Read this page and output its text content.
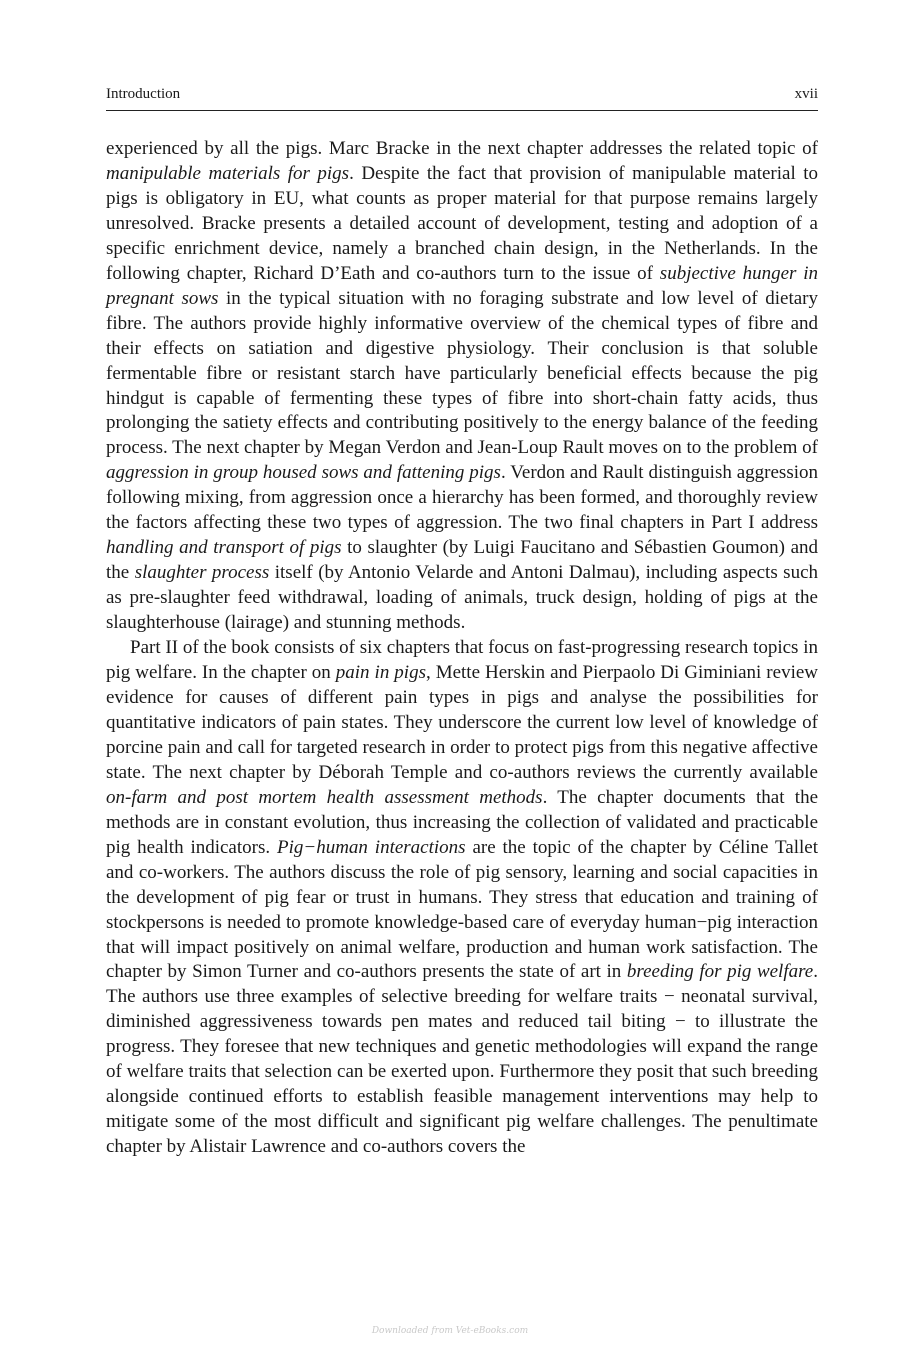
Introduction	xvii

experienced by all the pigs. Marc Bracke in the next chapter addresses the related topic of manipulable materials for pigs. Despite the fact that provision of manipulable material to pigs is obligatory in EU, what counts as proper material for that purpose remains largely unresolved. Bracke presents a detailed account of development, testing and adoption of a specific enrichment device, namely a branched chain design, in the Netherlands. In the following chapter, Richard D’Eath and co-authors turn to the issue of subjective hunger in pregnant sows in the typical situation with no foraging substrate and low level of dietary fibre. The authors provide highly informative overview of the chemical types of fibre and their effects on satiation and digestive physiology. Their conclusion is that soluble fermentable fibre or resistant starch have particularly beneficial effects because the pig hindgut is capable of fermenting these types of fibre into short-chain fatty acids, thus prolonging the satiety effects and contributing positively to the energy balance of the feeding process. The next chapter by Megan Verdon and Jean-Loup Rault moves on to the problem of aggression in group housed sows and fattening pigs. Verdon and Rault distinguish aggression following mixing, from aggression once a hierarchy has been formed, and thoroughly review the factors affecting these two types of aggression. The two final chapters in Part I address handling and transport of pigs to slaughter (by Luigi Faucitano and Sébastien Goumon) and the slaughter process itself (by Antonio Velarde and Antoni Dalmau), including aspects such as pre-slaughter feed withdrawal, loading of animals, truck design, holding of pigs at the slaughterhouse (lairage) and stunning methods.

Part II of the book consists of six chapters that focus on fast-progressing research topics in pig welfare. In the chapter on pain in pigs, Mette Herskin and Pierpaolo Di Giminiani review evidence for causes of different pain types in pigs and analyse the possibilities for quantitative indicators of pain states. They underscore the current low level of knowledge of porcine pain and call for targeted research in order to protect pigs from this negative affective state. The next chapter by Déborah Temple and co-authors reviews the currently available on-farm and post mortem health assessment methods. The chapter documents that the methods are in constant evolution, thus increasing the collection of validated and practicable pig health indicators. Pig−human interactions are the topic of the chapter by Céline Tallet and co-workers. The authors discuss the role of pig sensory, learning and social capacities in the development of pig fear or trust in humans. They stress that education and training of stockpersons is needed to promote knowledge-based care of everyday human−pig interaction that will impact positively on animal welfare, production and human work satisfaction. The chapter by Simon Turner and co-authors presents the state of art in breeding for pig welfare. The authors use three examples of selective breeding for welfare traits − neonatal survival, diminished aggressiveness towards pen mates and reduced tail biting − to illustrate the progress. They foresee that new techniques and genetic methodologies will expand the range of welfare traits that selection can be exerted upon. Furthermore they posit that such breeding alongside continued efforts to establish feasible management interventions may help to mitigate some of the most difficult and significant pig welfare challenges. The penultimate chapter by Alistair Lawrence and co-authors covers the

Downloaded from Vet-eBooks.com
